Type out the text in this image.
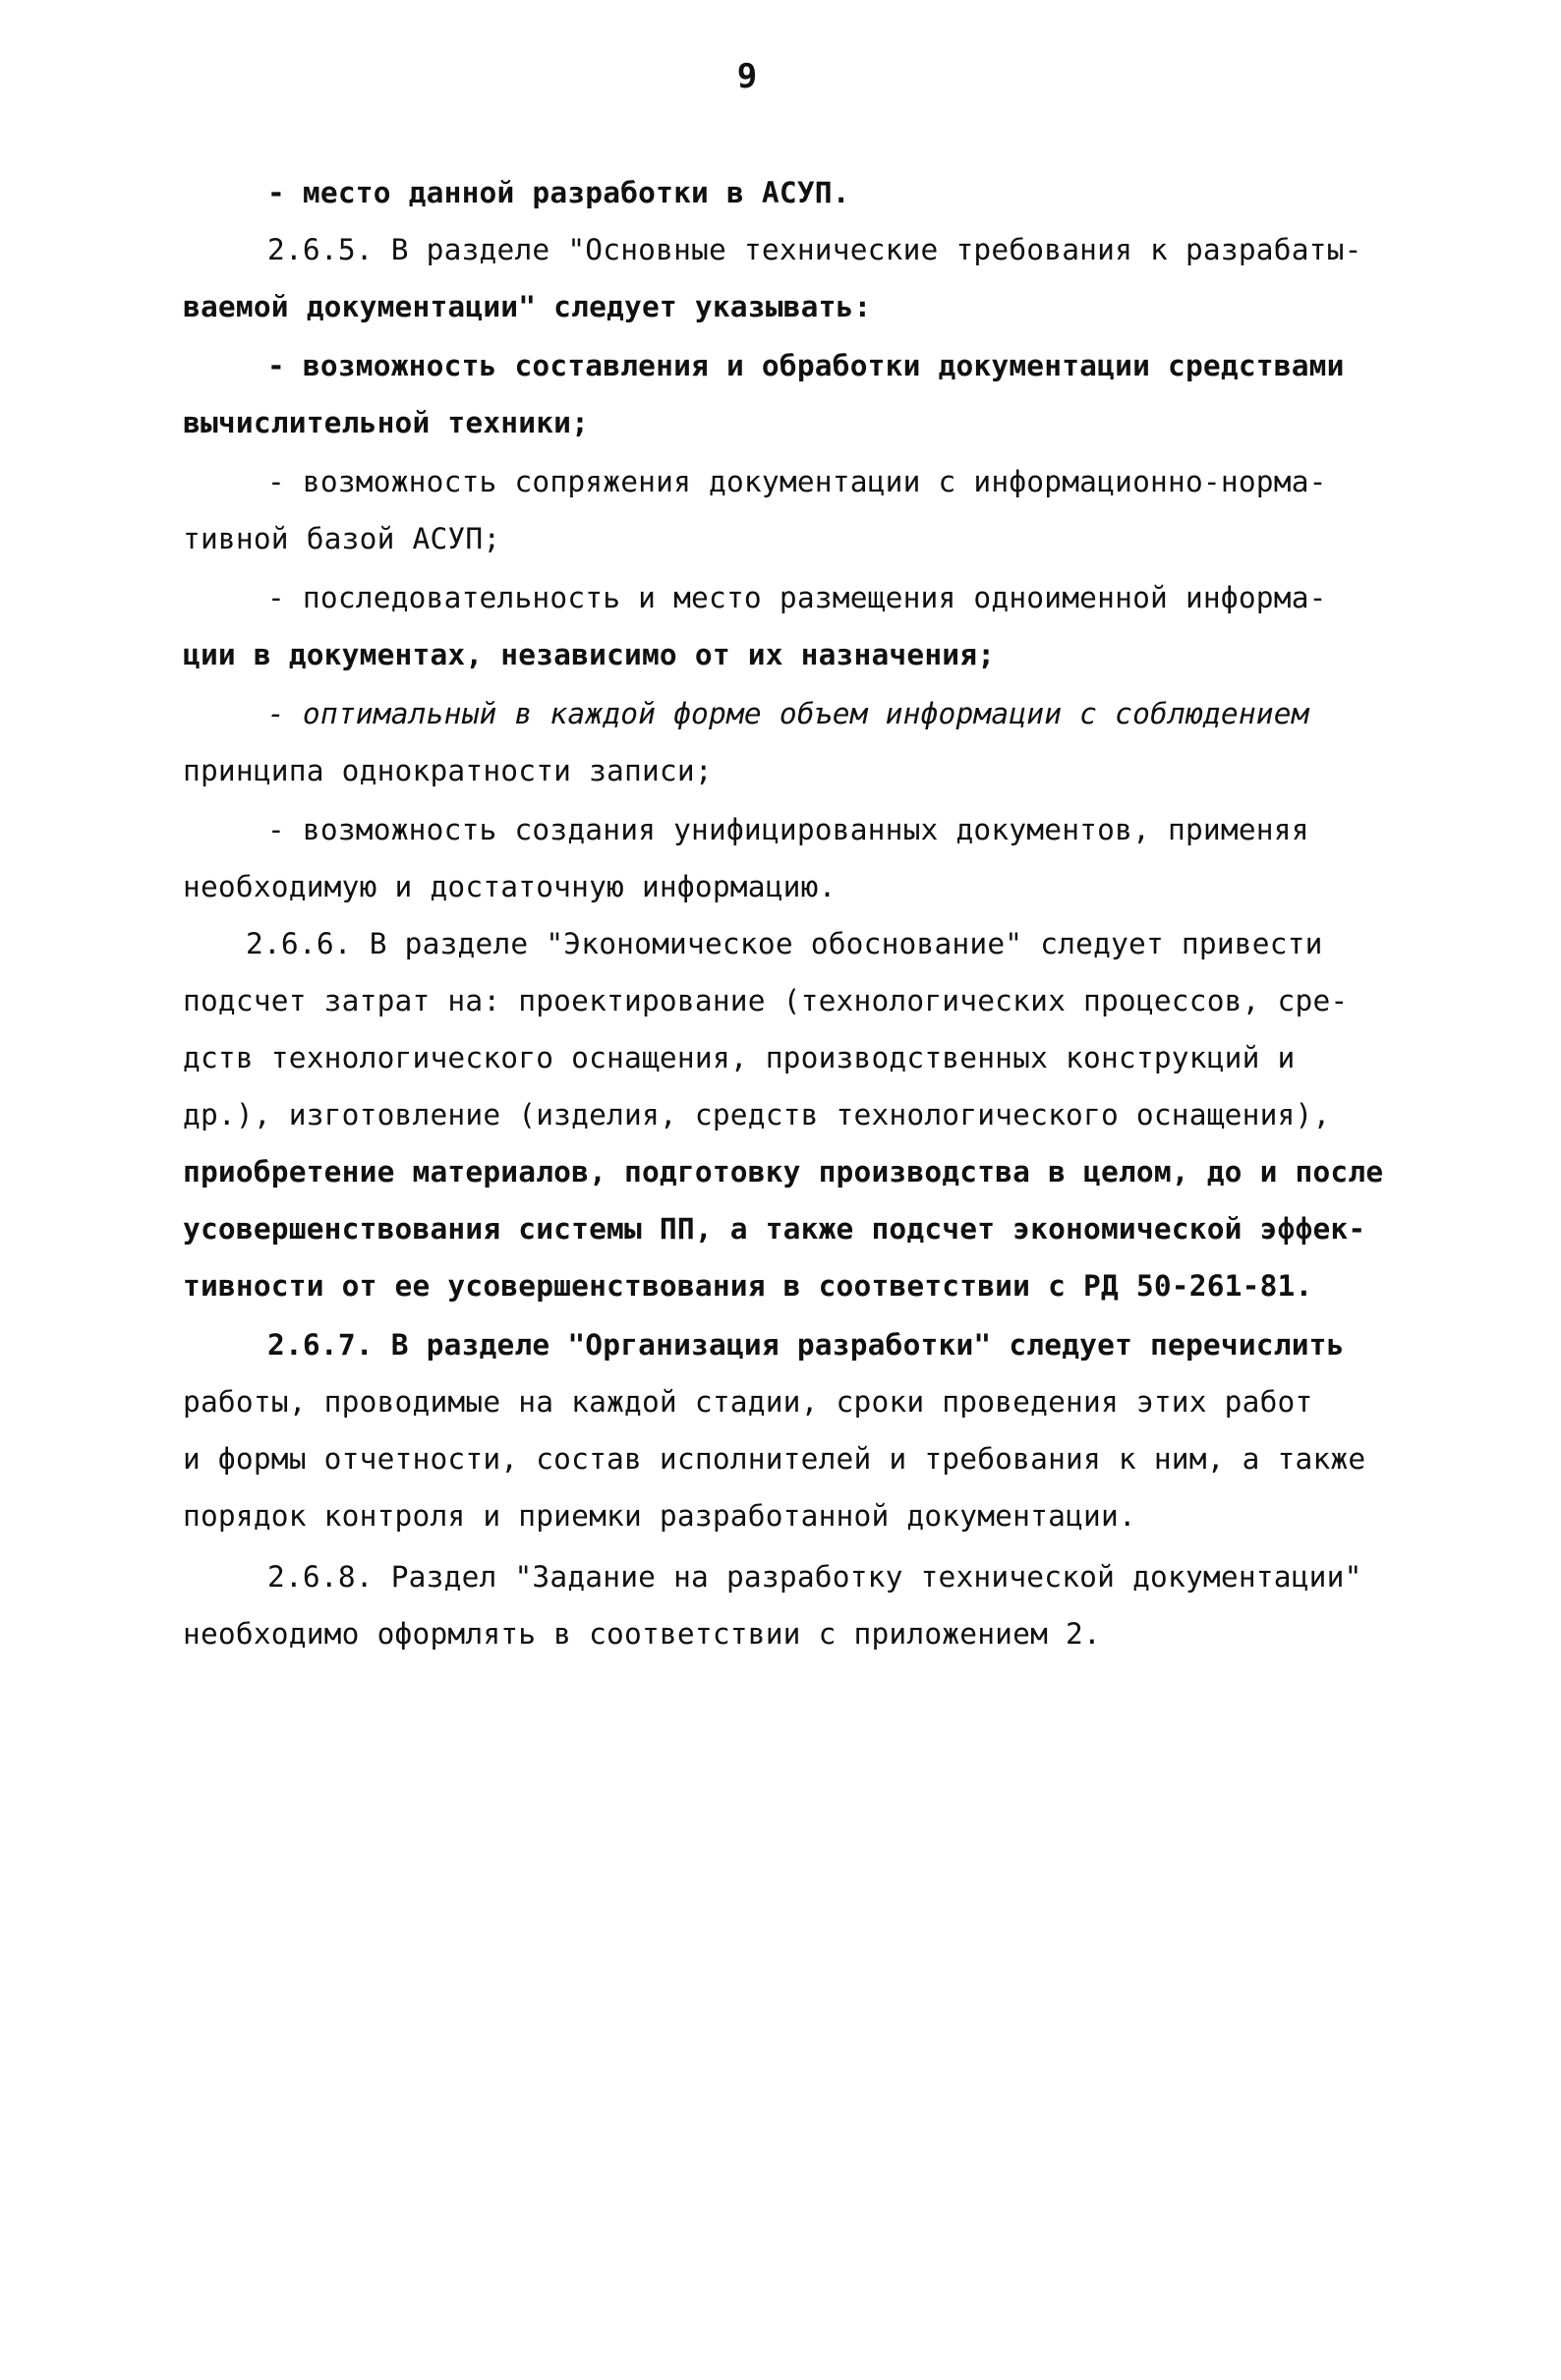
9
- место данной разработки в АСУП.
2.6.5. В разделе "Основные технические требования к разрабаты-
ваемой документации" следует указывать:
- возможность составления и обработки документации средствами
вычислительной техники;
- возможность сопряжения документации с информационно-норма-
тивной базой АСУП;
- последовательность и место размещения одноименной информа-
ции в документах, независимо от их назначения;
- оптимальный в каждой форме объем информации с соблюдением
принципа однократности записи;
- возможность создания унифицированных документов, применяя
необходимую и достаточную информацию.
2.6.6. В разделе "Экономическое обоснование" следует привести
подсчет затрат на: проектирование (технологических процессов, сре-
дств технологического оснащения, производственных конструкций и
др.), изготовление (изделия, средств технологического оснащения),
приобретение материалов, подготовку производства в целом, до и после
усовершенствования системы ПП, а также подсчет экономической эффек-
тивности от ее усовершенствования в соответствии с РД 50-261-81.
2.6.7. В разделе "Организация разработки" следует перечислить
работы, проводимые на каждой стадии, сроки проведения этих работ
и формы отчетности, состав исполнителей и требования к ним, а также
порядок контроля и приемки разработанной документации.
2.6.8. Раздел "Задание на разработку технической документации"
необходимо оформлять в соответствии с приложением 2.
